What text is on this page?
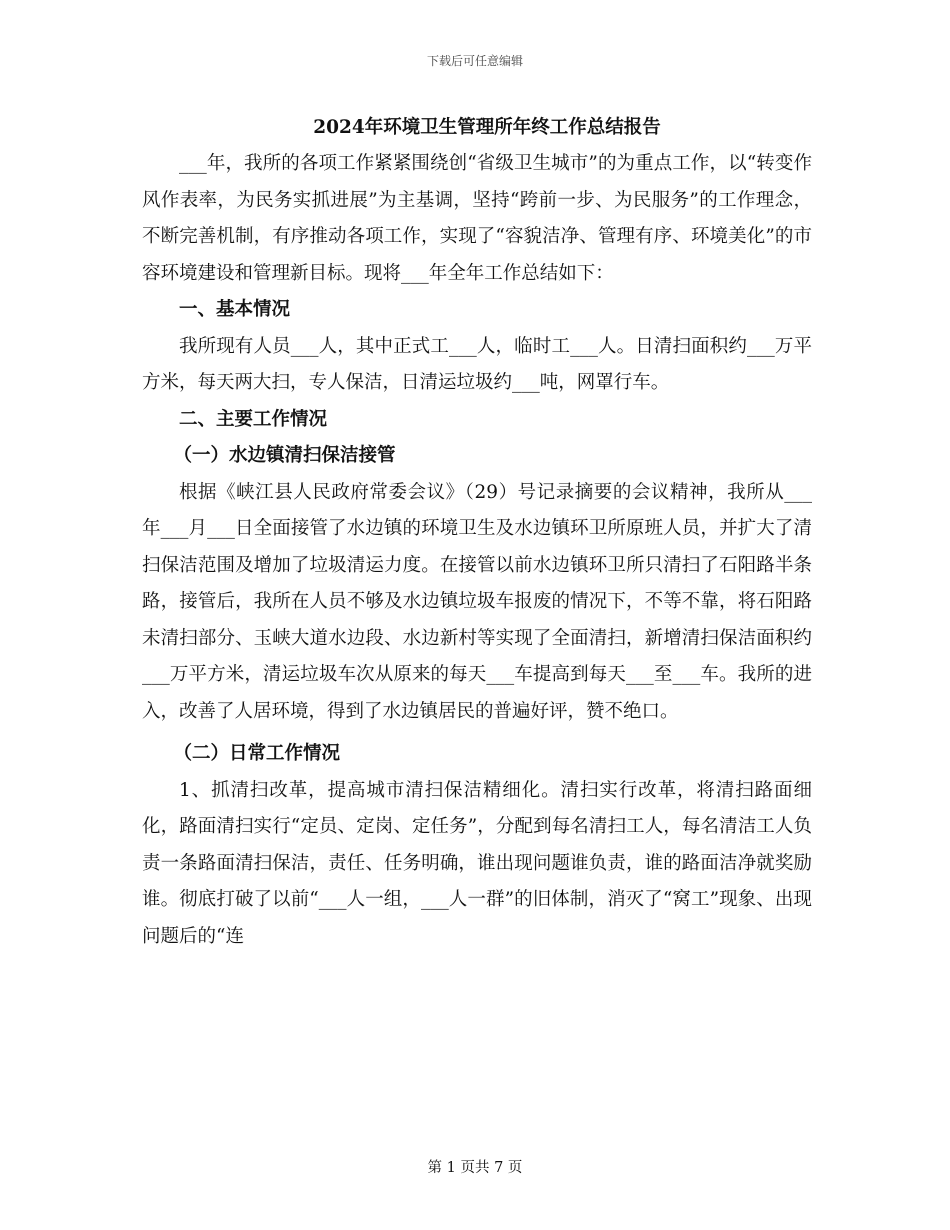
下载后可任意编辑

2024年环境卫生管理所年终工作总结报告

___年，我所的各项工作紧紧围绕创“省级卫生城市”的为重点工作，以“转变作风作表率，为民务实抓进展”为主基调，坚持“跨前一步、为民服务”的工作理念，不断完善机制，有序推动各项工作，实现了“容貌洁净、管理有序、环境美化”的市容环境建设和管理新目标。现将___年全年工作总结如下：

一、基本情况

我所现有人员___人，其中正式工___人，临时工___人。日清扫面积约___万平方米，每天两大扫，专人保洁，日清运垃圾约___吨，网罩行车。

二、主要工作情况

（一）水边镇清扫保洁接管

根据《峡江县人民政府常委会议》（29）号记录摘要的会议精神，我所从___年___月___日全面接管了水边镇的环境卫生及水边镇环卫所原班人员，并扩大了清扫保洁范围及增加了垃圾清运力度。在接管以前水边镇环卫所只清扫了石阳路半条路，接管后，我所在人员不够及水边镇垃圾车报废的情况下，不等不靠，将石阳路未清扫部分、玉峡大道水边段、水边新村等实现了全面清扫，新增清扫保洁面积约___万平方米，清运垃圾车次从原来的每天___车提高到每天___至___车。我所的进入，改善了人居环境，得到了水边镇居民的普遍好评，赞不绝口。

（二）日常工作情况

1、抓清扫改革，提高城市清扫保洁精细化。清扫实行改革，将清扫路面细化，路面清扫实行“定员、定岗、定任务”，分配到每名清扫工人，每名清洁工人负责一条路面清扫保洁，责任、任务明确，谁出现问题谁负责，谁的路面洁净就奖励谁。彻底打破了以前“___人一组，___人一群”的旧体制，消灭了“窝工”现象、出现问题后的“连

第 1 页共 7 页
